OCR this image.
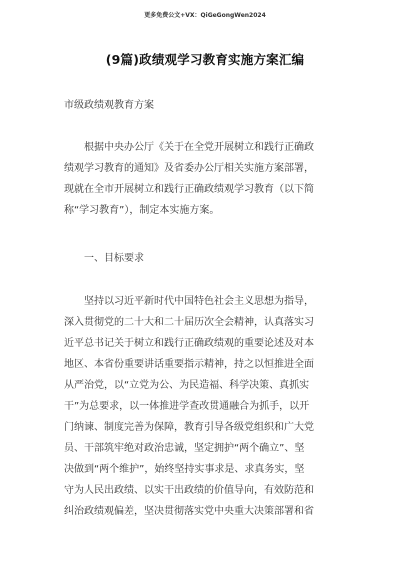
更多免费公文+VX：QiGeGongWen2024
(9篇)政绩观学习教育实施方案汇编
市级政绩观教育方案
　　根据中央办公厅《关于在全党开展树立和践行正确政
绩观学习教育的通知》及省委办公厅相关实施方案部署，
现就在全市开展树立和践行正确政绩观学习教育（以下简
称“学习教育”），制定本实施方案。
　　一、目标要求
　　坚持以习近平新时代中国特色社会主义思想为指导，
深入贯彻党的二十大和二十届历次全会精神，认真落实习
近平总书记关于树立和践行正确政绩观的重要论述及对本
地区、本省份重要讲话重要指示精神，持之以恒推进全面
从严治党，以“立党为公、为民造福、科学决策、真抓实
干”为总要求，以一体推进学查改贯通融合为抓手，以开
门纳谏、制度完善为保障，教育引导各级党组织和广大党
员、干部筑牢绝对政治忠诚，坚定拥护“两个确立”、坚
决做到“两个维护”，始终坚持实事求是、求真务实，坚
守为人民出政绩、以实干出政绩的价值导向，有效防范和
纠治政绩观偏差，坚决贯彻落实党中央重大决策部署和省
